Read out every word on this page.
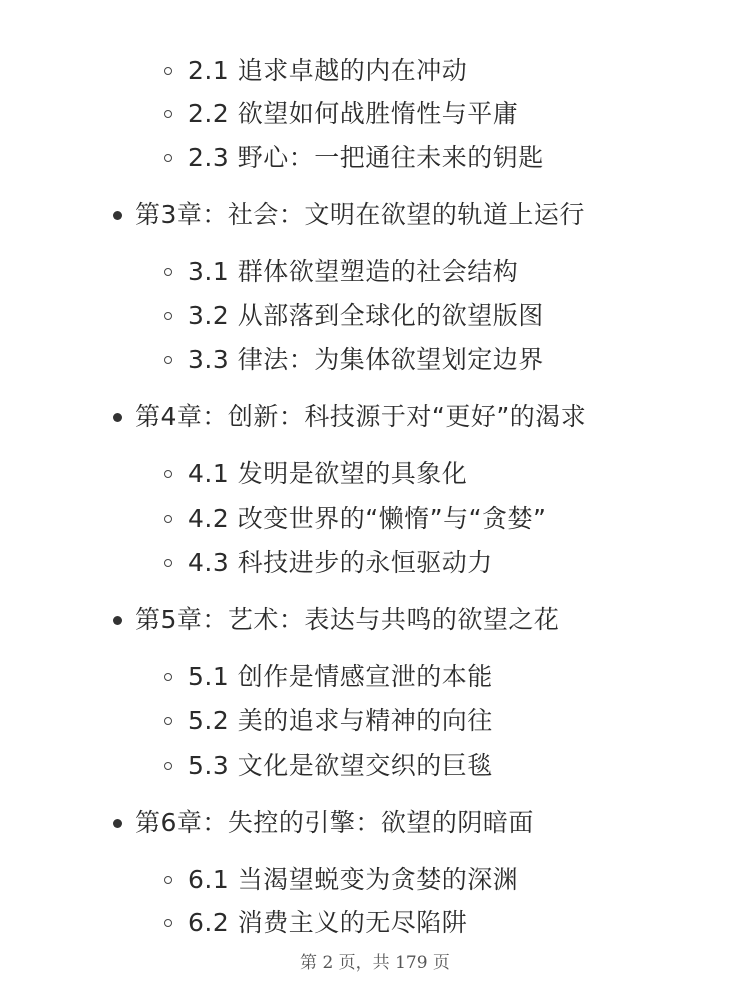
2.1 追求卓越的内在冲动
2.2 欲望如何战胜惰性与平庸
2.3 野心：一把通往未来的钥匙
第3章：社会：文明在欲望的轨道上运行
3.1 群体欲望塑造的社会结构
3.2 从部落到全球化的欲望版图
3.3 律法：为集体欲望划定边界
第4章：创新：科技源于对“更好”的渴求
4.1 发明是欲望的具象化
4.2 改变世界的“懒惰”与“贪婪”
4.3 科技进步的永恒驱动力
第5章：艺术：表达与共鸣的欲望之花
5.1 创作是情感宣泄的本能
5.2 美的追求与精神的向往
5.3 文化是欲望交织的巨毯
第6章：失控的引擎：欲望的阴暗面
6.1 当渴望蜕变为贪婪的深渊
6.2 消费主义的无尽陷阱
第 2 页，共 179 页
